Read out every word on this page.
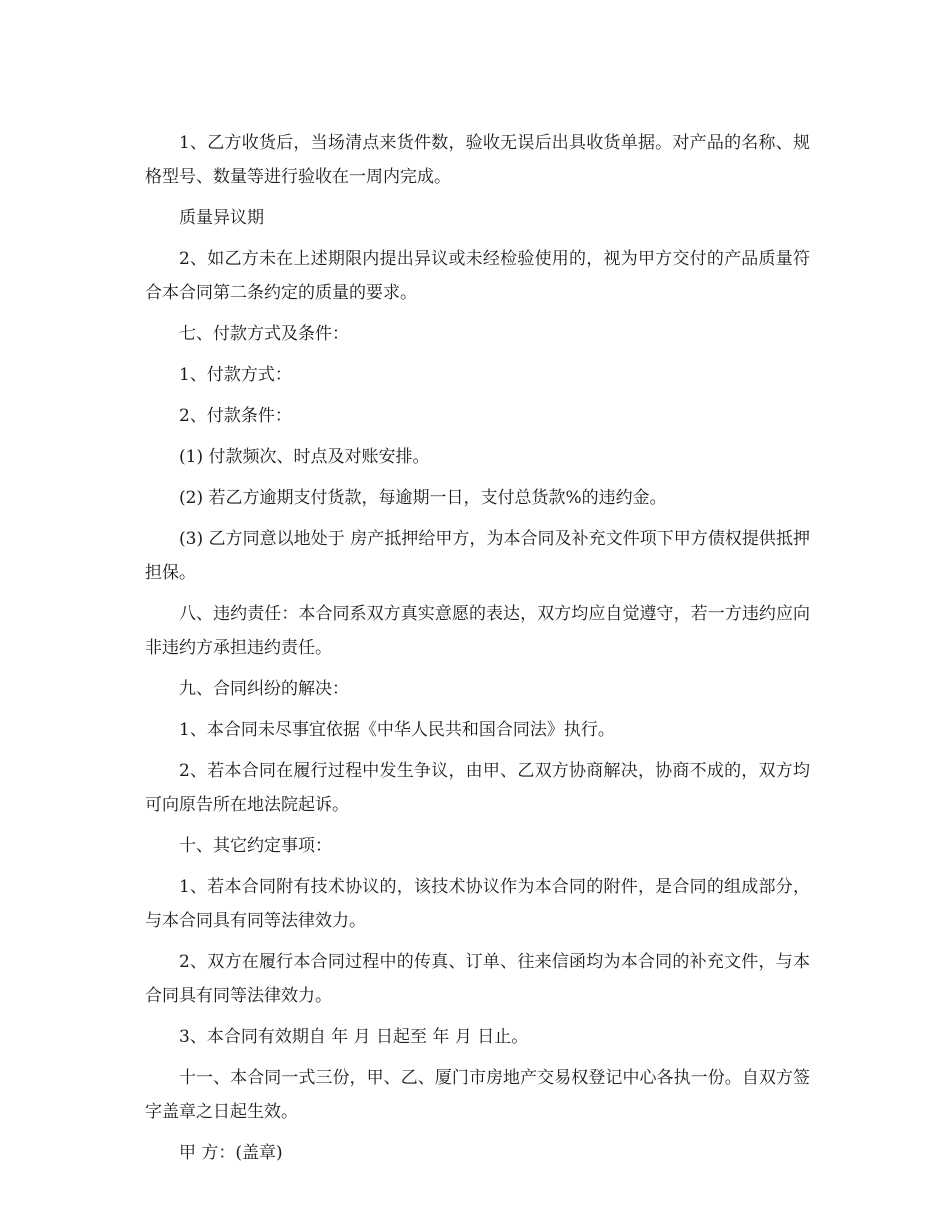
1、乙方收货后，当场清点来货件数，验收无误后出具收货单据。对产品的名称、规格型号、数量等进行验收在一周内完成。

质量异议期

2、如乙方未在上述期限内提出异议或未经检验使用的，视为甲方交付的产品质量符合本合同第二条约定的质量的要求。

七、付款方式及条件：

1、付款方式：

2、付款条件：

(1) 付款频次、时点及对账安排。

(2) 若乙方逾期支付货款，每逾期一日，支付总货款%的违约金。

(3) 乙方同意以地处于 房产抵押给甲方，为本合同及补充文件项下甲方债权提供抵押担保。

八、违约责任：本合同系双方真实意愿的表达，双方均应自觉遵守，若一方违约应向非违约方承担违约责任。

九、合同纠纷的解决：

1、本合同未尽事宜依据《中华人民共和国合同法》执行。

2、若本合同在履行过程中发生争议，由甲、乙双方协商解决，协商不成的，双方均可向原告所在地法院起诉。

十、其它约定事项：

1、若本合同附有技术协议的，该技术协议作为本合同的附件，是合同的组成部分，与本合同具有同等法律效力。

2、双方在履行本合同过程中的传真、订单、往来信函均为本合同的补充文件，与本合同具有同等法律效力。

3、本合同有效期自 年 月 日起至 年 月 日止。

十一、本合同一式三份，甲、乙、厦门市房地产交易权登记中心各执一份。自双方签字盖章之日起生效。

甲 方：(盖章)
